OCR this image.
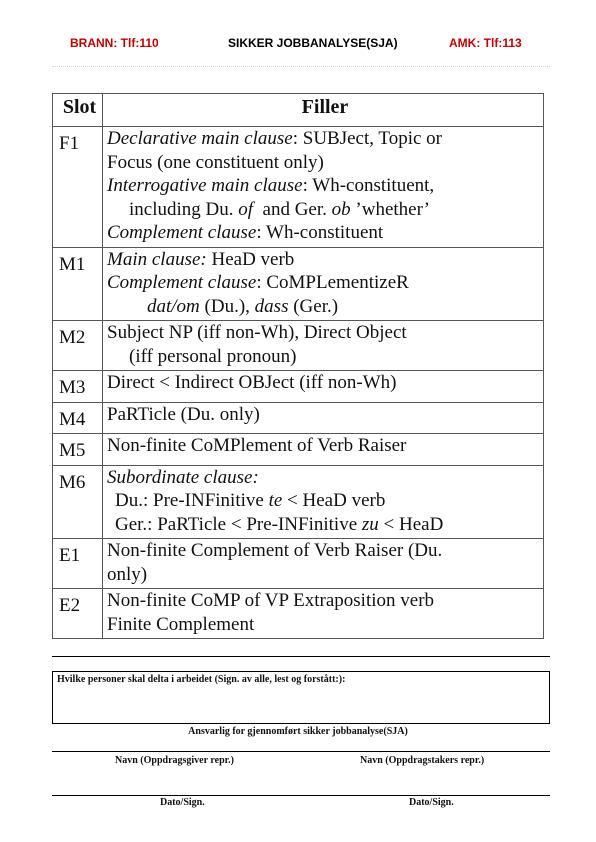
BRANN: Tlf:110	SIKKER JOBBANALYSE(SJA)	AMK: Tlf:113
Slot	Filler
F1	Declarative main clause: SUBJect, Topic or
Focus (one constituent only)
Interrogative main clause: Wh-constituent,
including Du. of  and Ger. ob ’whether’
Complement clause: Wh-constituent

M1	Main clause: HeaD verb
Complement clause: CoMPLementizeR
dat/om (Du.), dass (Ger.)

M2	Subject NP (iff non-Wh), Direct Object
(iff personal pronoun)

M3	Direct < Indirect OBJect (iff non-Wh)

M4	PaRTicle (Du. only)

M5	Non-finite CoMPlement of Verb Raiser

M6	Subordinate clause:
Du.: Pre-INFinitive te < HeaD verb
Ger.: PaRTicle < Pre-INFinitive zu < HeaD

E1	Non-finite Complement of Verb Raiser (Du.
only)

E2	Non-finite CoMP of VP Extraposition verb
Finite Complement
Hvilke personer skal delta i arbeidet (Sign. av alle, lest og forstått:):
Ansvarlig for gjennomført sikker jobbanalyse(SJA)
Navn (Oppdragsgiver repr.)	Navn (Oppdragstakers repr.)
Dato/Sign.	Dato/Sign.
